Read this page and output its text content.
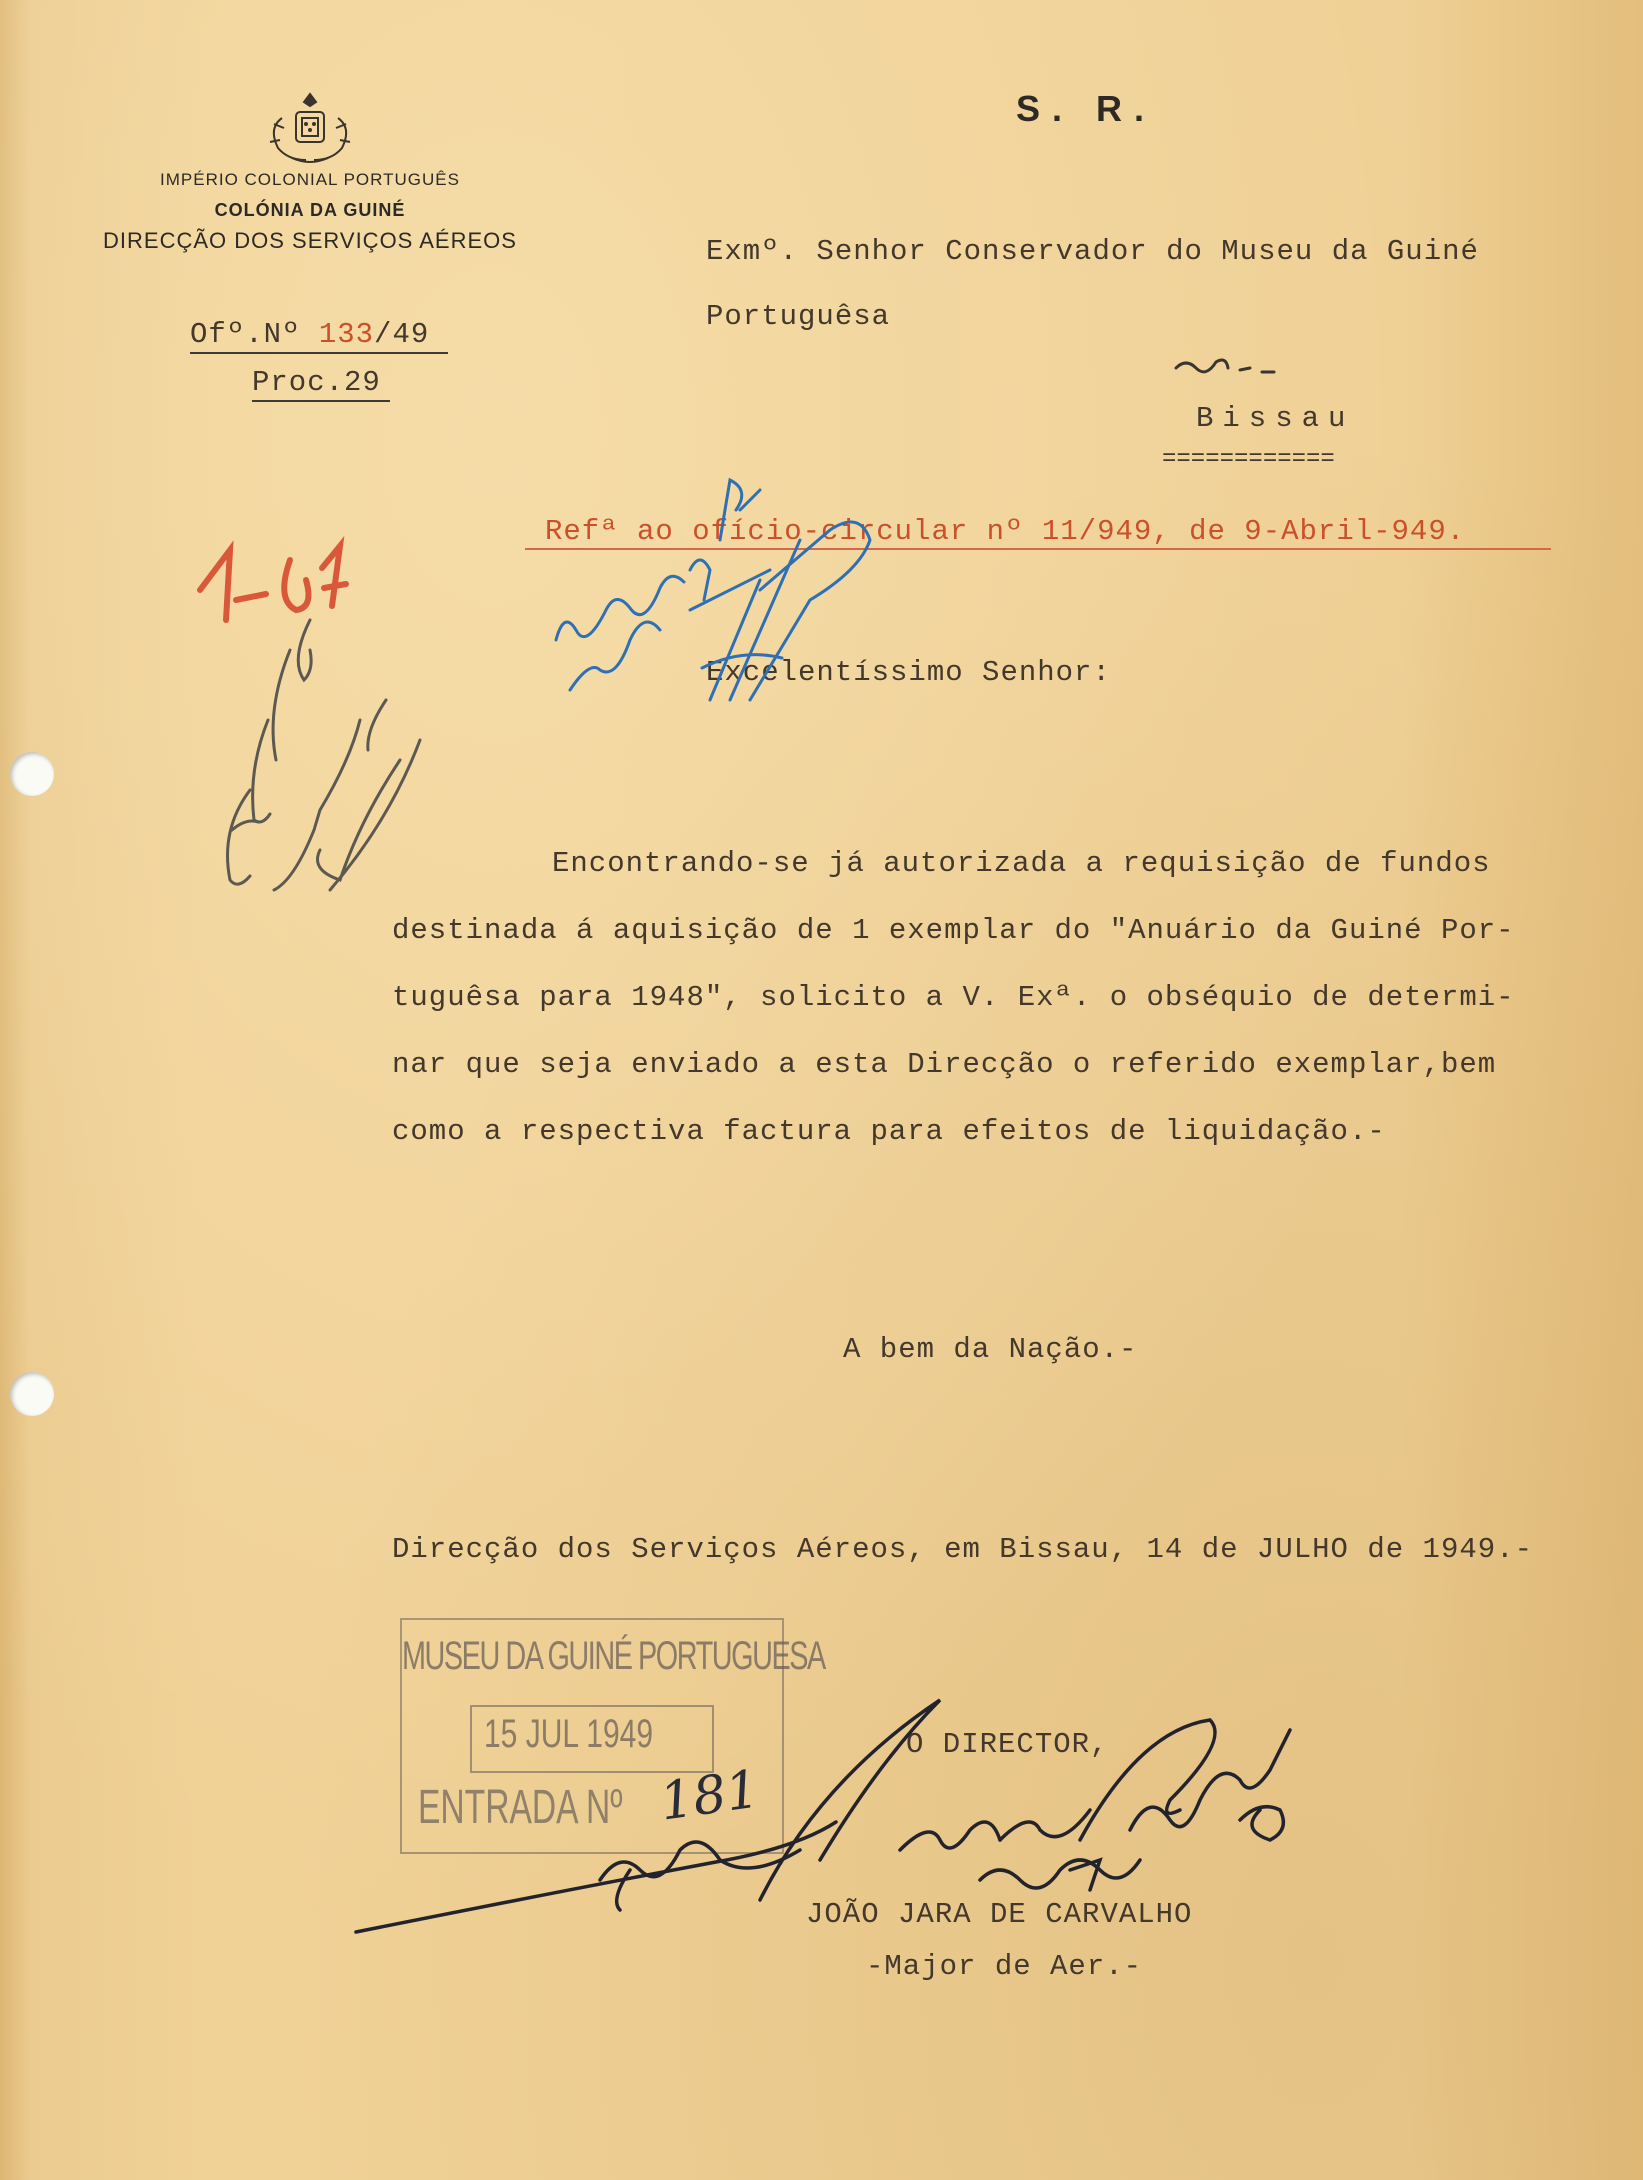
IMPÉRIO COLONIAL PORTUGUÊS
COLÓNIA DA GUINÉ
DIRECÇÃO DOS SERVIÇOS AÉREOS
S. R.
Ofº.Nº 133/49
Proc.29
Exmº. Senhor Conservador do Museu da Guiné
Portuguêsa
Bissau
============
Refª ao ofício-circular nº 11/949, de 9-Abril-949.
Excelentíssimo Senhor:
Encontrando-se já autorizada a requisição de fundos
destinada á aquisição de 1 exemplar do "Anuário da Guiné Por-
tuguêsa para 1948", solicito a V. Exª. o obséquio de determi-
nar que seja enviado a esta Direcção o referido exemplar,bem
como a respectiva factura para efeitos de liquidação.-
A bem da Nação.-
Direcção dos Serviços Aéreos, em Bissau, 14 de JULHO de 1949.-
MUSEU DA GUINÉ PORTUGUESA
15 JUL 1949
ENTRADA Nº 181
O DIRECTOR,
JOÃO JARA DE CARVALHO
-Major de Aer.-
